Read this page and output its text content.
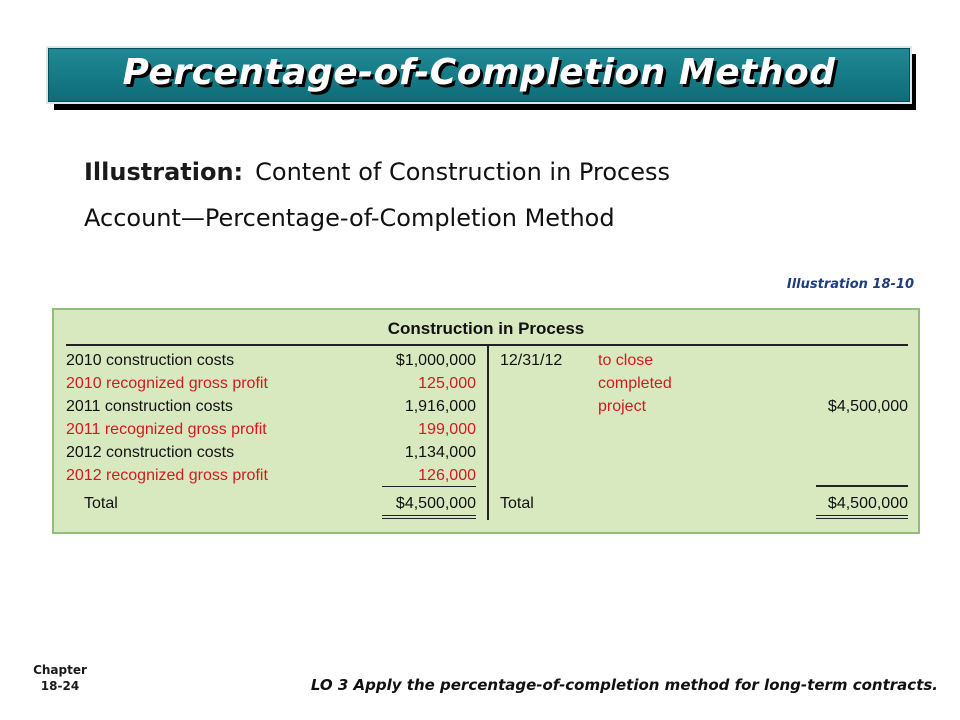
Percentage-of-Completion Method
Illustration: Content of Construction in Process
Account—Percentage-of-Completion Method
Illustration 18-10
Construction in Process
2010 construction costs	$1,000,000
2010 recognized gross profit	125,000
2011 construction costs	1,916,000
2011 recognized gross profit	199,000
2012 construction costs	1,134,000
2012 recognized gross profit	126,000
Total	$4,500,000
12/31/12 to close
completed
project	$4,500,000
Total	$4,500,000
Chapter
18-24	LO 3 Apply the percentage-of-completion method for long-term contracts.
